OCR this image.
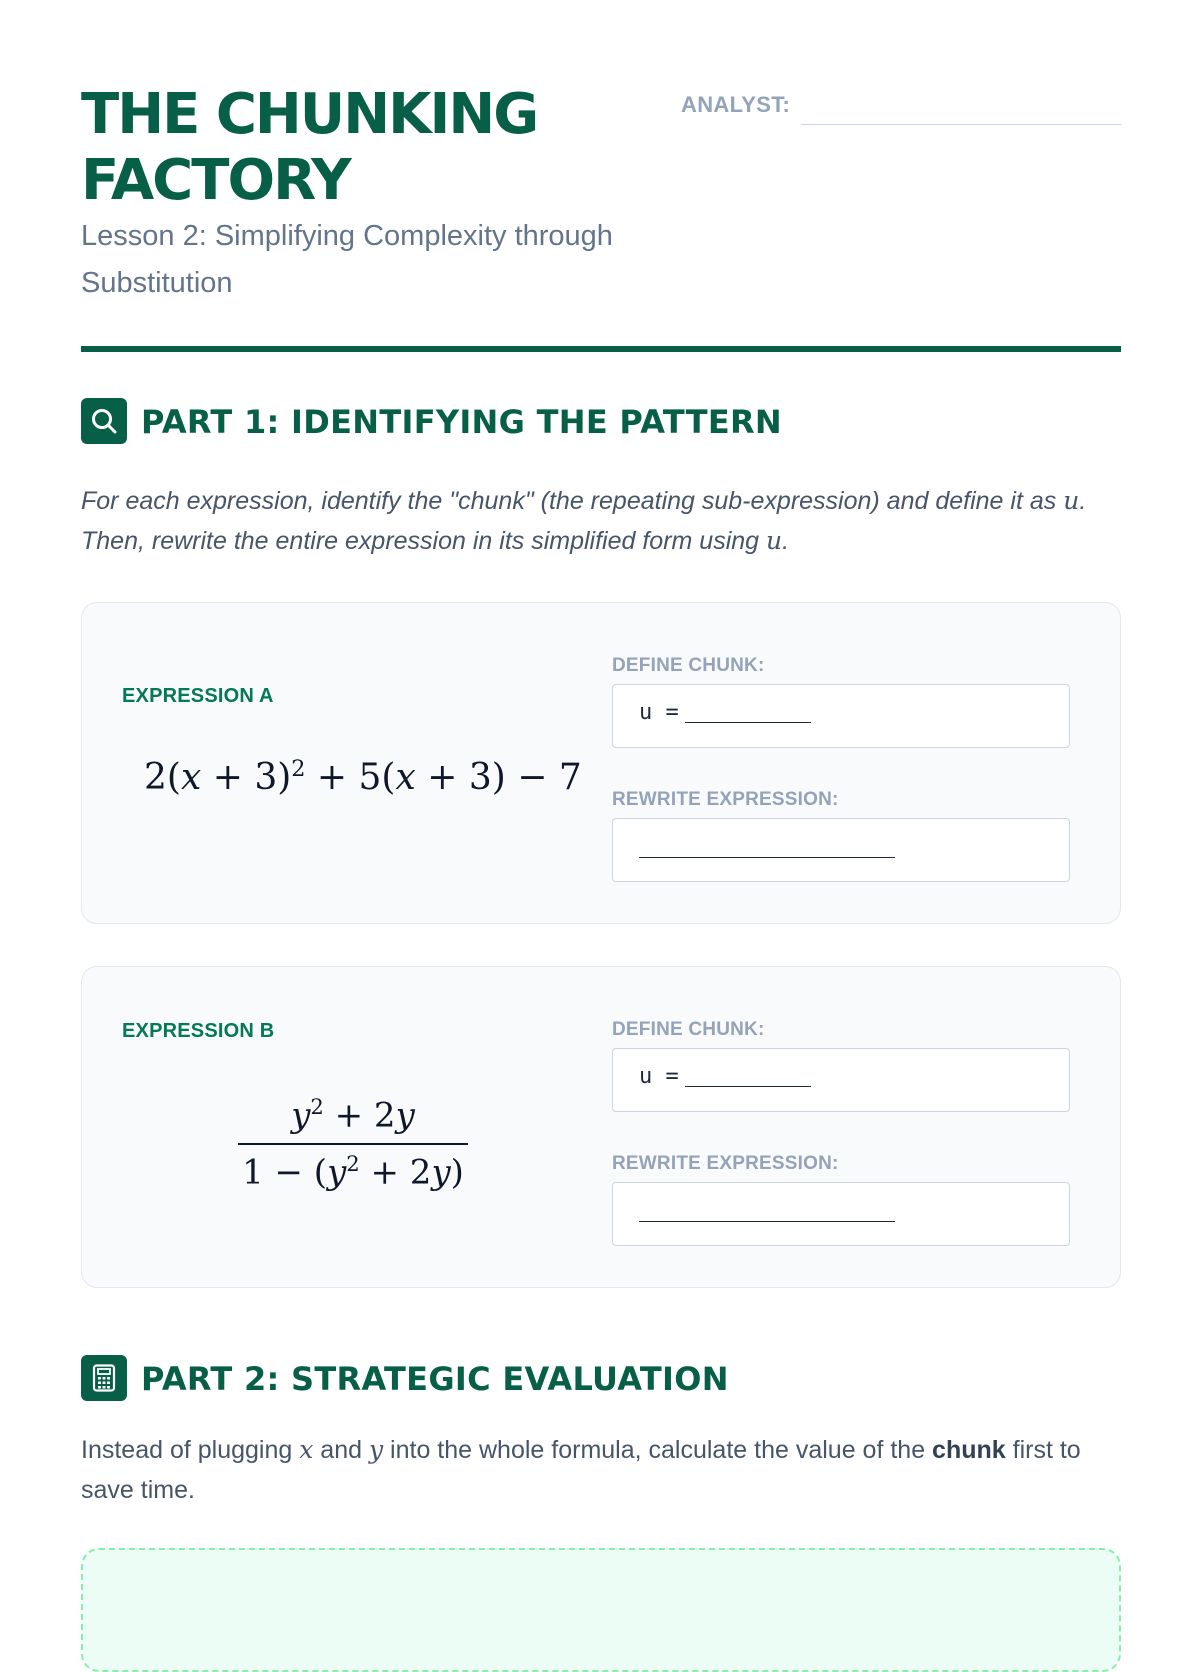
THE CHUNKING FACTORY

Lesson 2: Simplifying Complexity through Substitution

ANALYST:
PART 1: IDENTIFYING THE PATTERN

For each expression, identify the "chunk" (the repeating sub-expression) and define it as u. Then, rewrite the entire expression in its simplified form using u.

EXPRESSION A
$2(x + 3)^2 + 5(x + 3) - 7$
DEFINE CHUNK:
u =
REWRITE EXPRESSION:
EXPRESSION B
$y^2 + 2y$
$1 - (y^2 + 2y)$
DEFINE CHUNK:
u =
REWRITE EXPRESSION:
PART 2: STRATEGIC EVALUATION

Instead of plugging x and y into the whole formula, calculate the value of the chunk first to save time.
